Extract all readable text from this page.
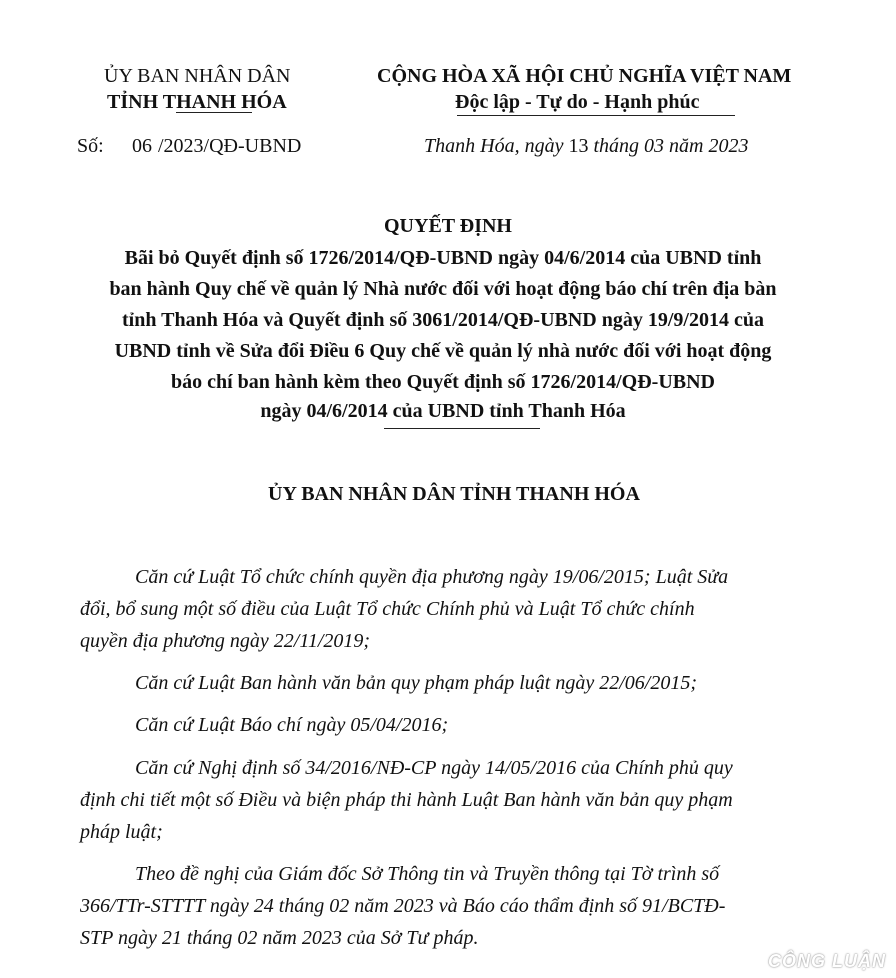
ỦY BAN NHÂN DÂN
TỈNH THANH HÓA
CỘNG HÒA XÃ HỘI CHỦ NGHĨA VIỆT NAM
Độc lập - Tự do - Hạnh phúc
Số: 06 /2023/QĐ-UBND	Thanh Hóa, ngày 13 tháng 03 năm 2023
QUYẾT ĐỊNH
Bãi bỏ Quyết định số 1726/2014/QĐ-UBND ngày 04/6/2014 của UBND tỉnh
ban hành Quy chế về quản lý Nhà nước đối với hoạt động báo chí trên địa bàn
tỉnh Thanh Hóa và Quyết định số 3061/2014/QĐ-UBND ngày 19/9/2014 của
UBND tỉnh về Sửa đổi Điều 6 Quy chế về quản lý nhà nước đối với hoạt động
báo chí ban hành kèm theo Quyết định số 1726/2014/QĐ-UBND
ngày 04/6/2014 của UBND tỉnh Thanh Hóa
ỦY BAN NHÂN DÂN TỈNH THANH HÓA
Căn cứ Luật Tổ chức chính quyền địa phương ngày 19/06/2015; Luật Sửa
đổi, bổ sung một số điều của Luật Tổ chức Chính phủ và Luật Tổ chức chính
quyền địa phương ngày 22/11/2019;
Căn cứ Luật Ban hành văn bản quy phạm pháp luật ngày 22/06/2015;
Căn cứ Luật Báo chí ngày 05/04/2016;
Căn cứ Nghị định số 34/2016/NĐ-CP ngày 14/05/2016 của Chính phủ quy
định chi tiết một số Điều và biện pháp thi hành Luật Ban hành văn bản quy phạm
pháp luật;
Theo đề nghị của Giám đốc Sở Thông tin và Truyền thông tại Tờ trình số
366/TTr-STTTT ngày 24 tháng 02 năm 2023 và Báo cáo thẩm định số 91/BCTĐ-
STP ngày 21 tháng 02 năm 2023 của Sở Tư pháp.
CÔNG LUẬN
